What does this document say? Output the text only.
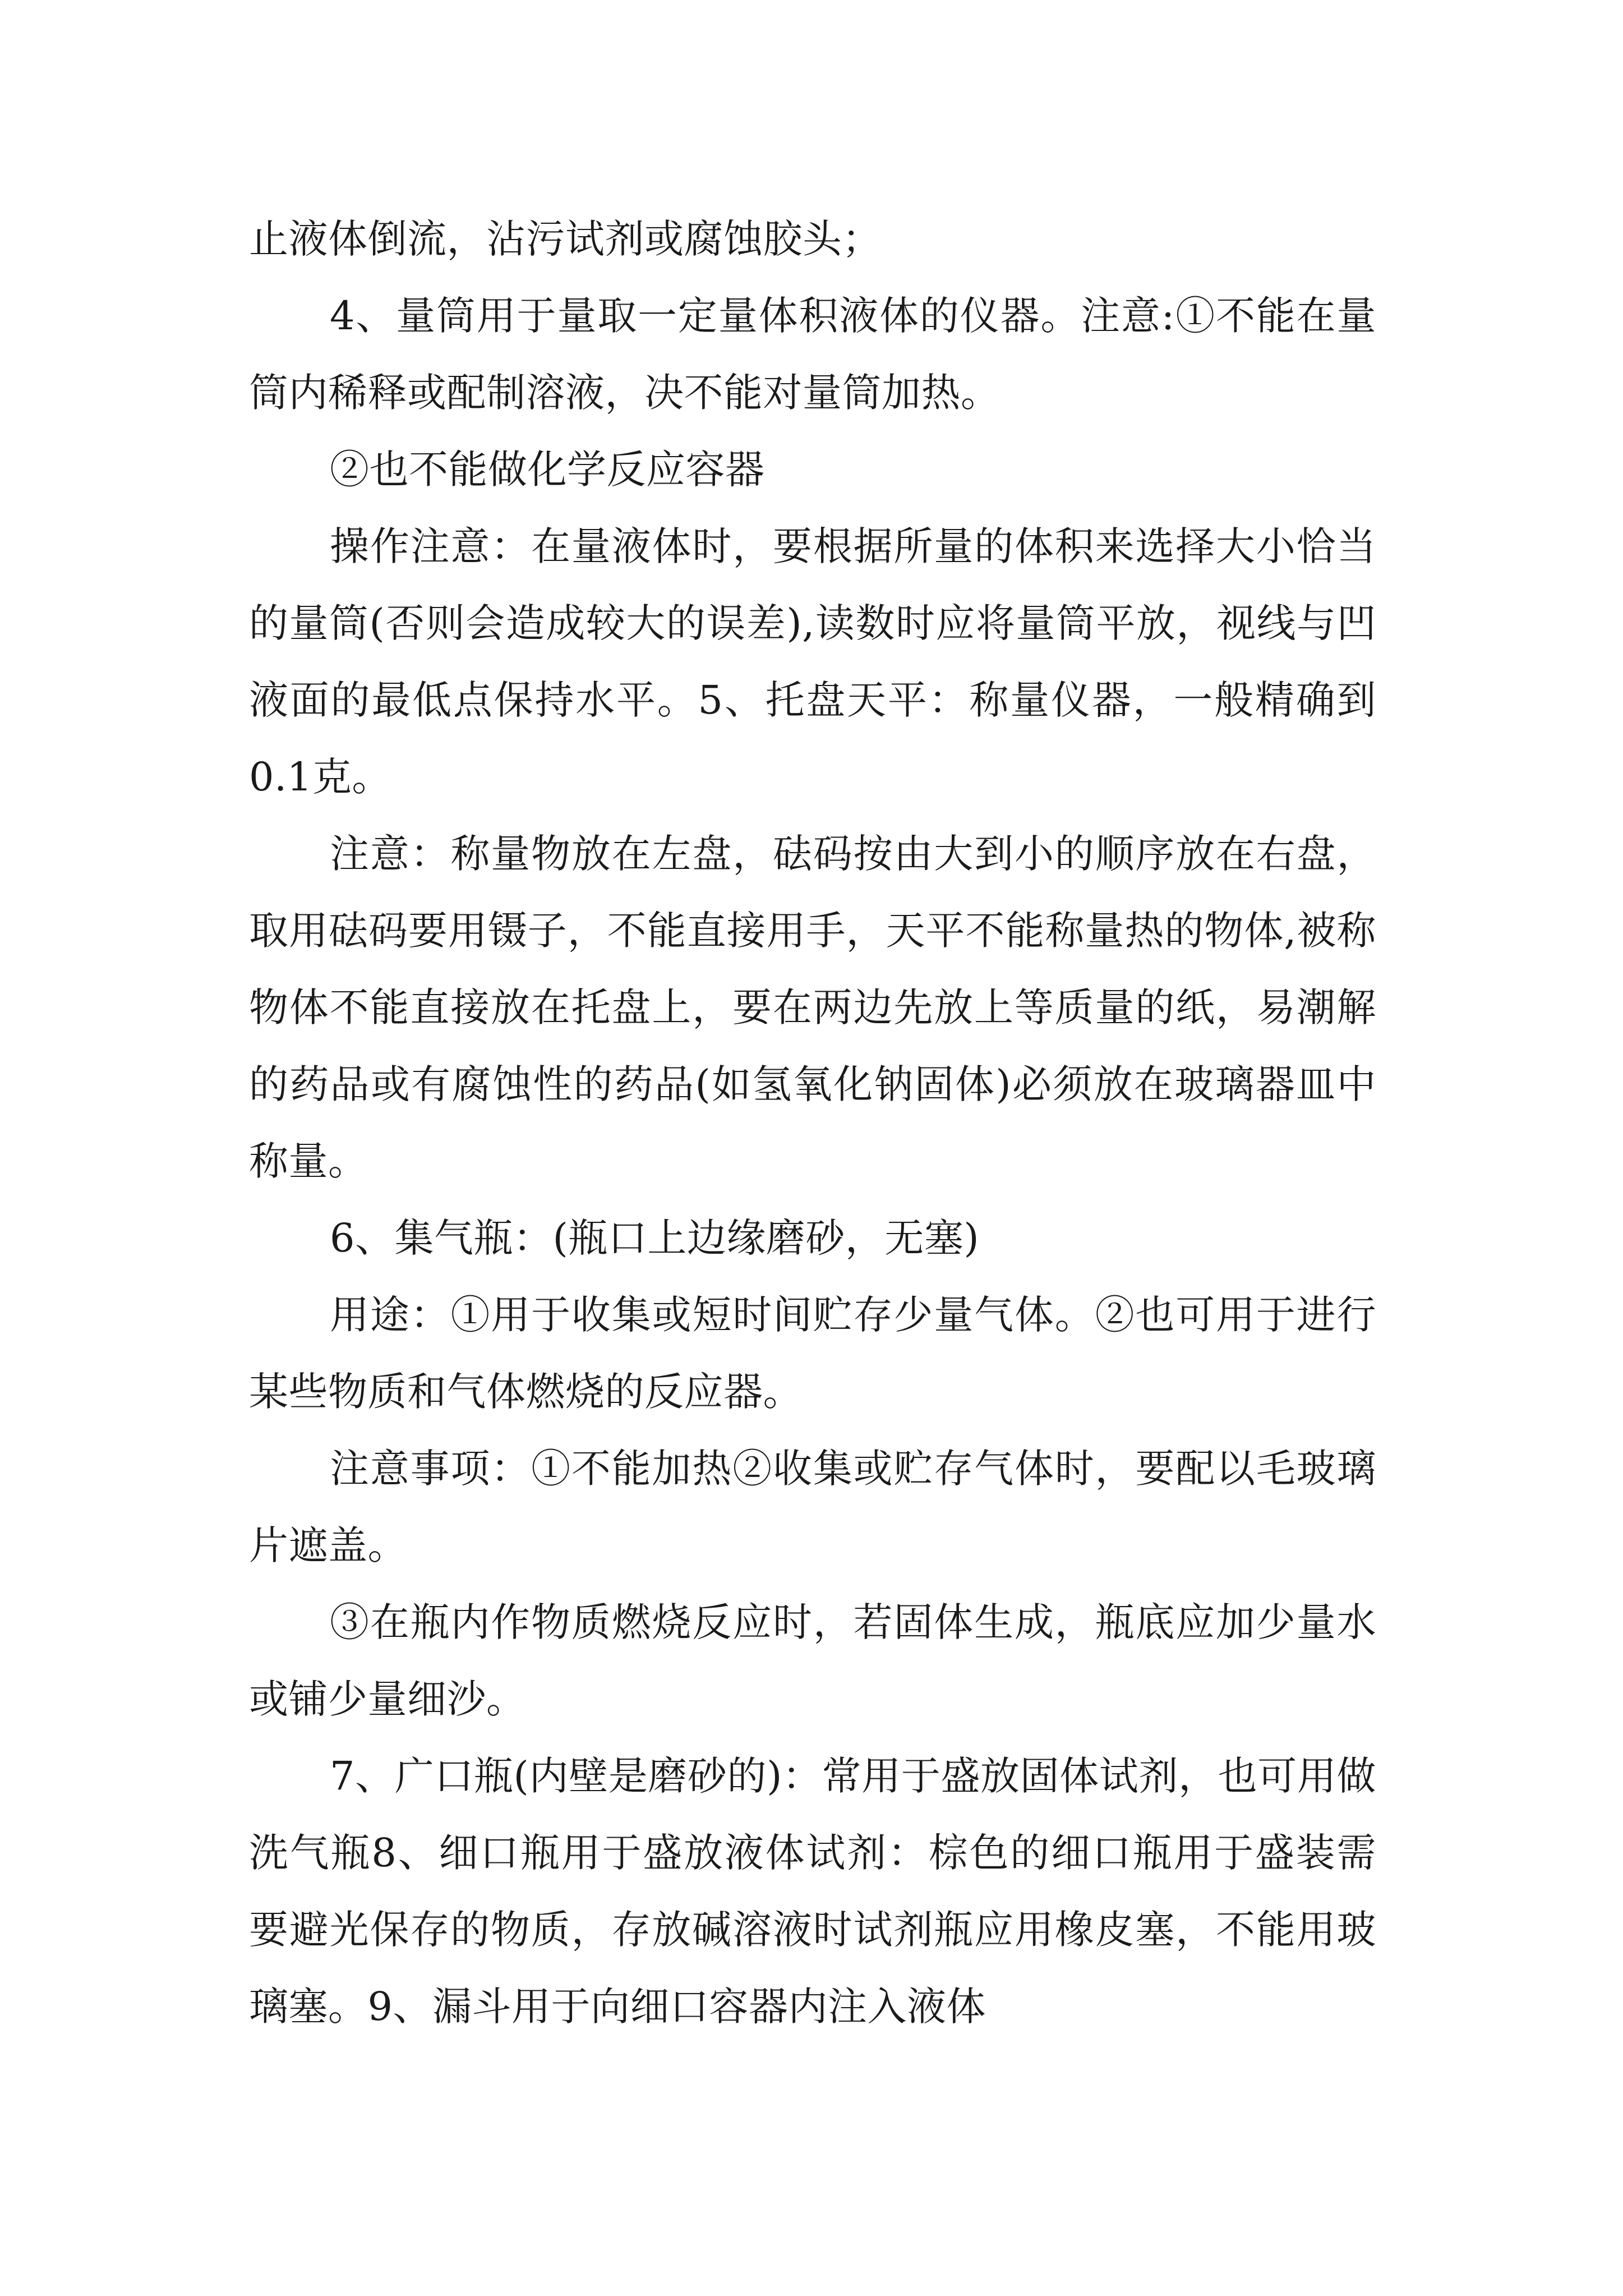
止液体倒流，沾污试剂或腐蚀胶头；

4、量筒用于量取一定量体积液体的仪器。注意:①不能在量筒内稀释或配制溶液，决不能对量筒加热。

②也不能做化学反应容器

操作注意：在量液体时，要根据所量的体积来选择大小恰当的量筒(否则会造成较大的误差),读数时应将量筒平放，视线与凹液面的最低点保持水平。5、托盘天平：称量仪器，一般精确到0.1克。

注意：称量物放在左盘，砝码按由大到小的顺序放在右盘，取用砝码要用镊子，不能直接用手，天平不能称量热的物体,被称物体不能直接放在托盘上，要在两边先放上等质量的纸，易潮解的药品或有腐蚀性的药品(如氢氧化钠固体)必须放在玻璃器皿中称量。

6、集气瓶：(瓶口上边缘磨砂，无塞)

用途：①用于收集或短时间贮存少量气体。②也可用于进行某些物质和气体燃烧的反应器。

注意事项：①不能加热②收集或贮存气体时，要配以毛玻璃片遮盖。

③在瓶内作物质燃烧反应时，若固体生成，瓶底应加少量水或铺少量细沙。

7、广口瓶(内壁是磨砂的)：常用于盛放固体试剂，也可用做洗气瓶8、细口瓶用于盛放液体试剂：棕色的细口瓶用于盛装需要避光保存的物质，存放碱溶液时试剂瓶应用橡皮塞，不能用玻璃塞。9、漏斗用于向细口容器内注入液体
